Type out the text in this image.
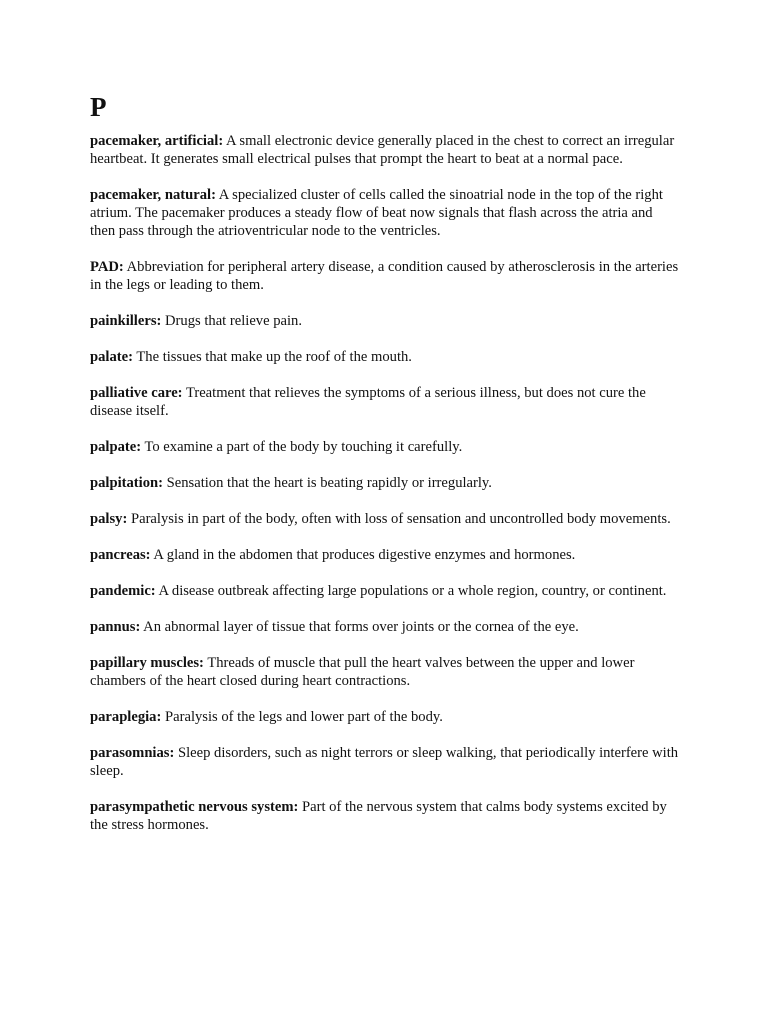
P

pacemaker, artificial: A small electronic device generally placed in the chest to correct an irregular heartbeat. It generates small electrical pulses that prompt the heart to beat at a normal pace.

pacemaker, natural: A specialized cluster of cells called the sinoatrial node in the top of the right atrium. The pacemaker produces a steady flow of beat now signals that flash across the atria and then pass through the atrioventricular node to the ventricles.

PAD: Abbreviation for peripheral artery disease, a condition caused by atherosclerosis in the arteries in the legs or leading to them.

painkillers: Drugs that relieve pain.

palate: The tissues that make up the roof of the mouth.

palliative care: Treatment that relieves the symptoms of a serious illness, but does not cure the disease itself.

palpate: To examine a part of the body by touching it carefully.

palpitation: Sensation that the heart is beating rapidly or irregularly.

palsy: Paralysis in part of the body, often with loss of sensation and uncontrolled body movements.

pancreas: A gland in the abdomen that produces digestive enzymes and hormones.

pandemic: A disease outbreak affecting large populations or a whole region, country, or continent.

pannus: An abnormal layer of tissue that forms over joints or the cornea of the eye.

papillary muscles: Threads of muscle that pull the heart valves between the upper and lower chambers of the heart closed during heart contractions.

paraplegia: Paralysis of the legs and lower part of the body.

parasomnias: Sleep disorders, such as night terrors or sleep walking, that periodically interfere with sleep.

parasympathetic nervous system: Part of the nervous system that calms body systems excited by the stress hormones.
